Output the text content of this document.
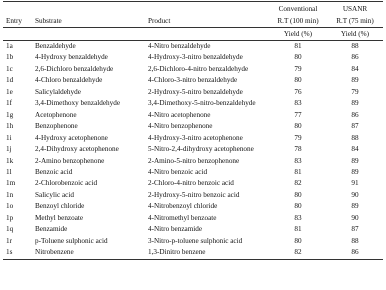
			Conventional	USANR
Entry	Substrate	Product	R.T (100 min)	R.T (75 min)
			Yield (%)	Yield (%)
1a	Benzaldehyde	4-Nitro benzaldehyde	81	88
1b	4-Hydroxy benzaldehyde	4-Hydroxy-3-nitro benzaldehyde	80	86
1c	2,6-Dichloro benzaldehyde	2,6-Dichloro-4-nitro benzaldehyde	79	84
1d	4-Chloro benzaldehyde	4-Chloro-3-nitro benzaldehyde	80	89
1e	Salicylaldehyde	2-Hydroxy-5-nitro benzaldehyde	76	79
1f	3,4-Dimethoxy benzaldehyde	3,4-Dimethoxy-5-nitro-benzaldehyde	83	89
1g	Acetophenone	4-Nitro acetophenone	77	86
1h	Benzophenone	4-Nitro benzophenone	80	87
1i	4-Hydroxy acetophenone	4-Hydroxy-3-nitro acetophenone	79	88
1j	2,4-Dihydroxy acetophenone	5-Nitro-2,4-dihydroxy acetophenone	78	84
1k	2-Amino benzophenone	2-Amino-5-nitro benzophenone	83	89
1l	Benzoic acid	4-Nitro benzoic acid	81	89
1m	2-Chlorobenzoic acid	2-Chloro-4-nitro benzoic acid	82	91
1n	Salicylic acid	2-Hydroxy-5-nitro benzoic acid	80	90
1o	Benzoyl chloride	4-Nitrobenzoyl chloride	80	89
1p	Methyl benzoate	4-Nitromethyl benzoate	83	90
1q	Benzamide	4-Nitro benzamide	81	87
1r	p-Toluene sulphonic acid	3-Nitro-p-toluene sulphonic acid	80	88
1s	Nitrobenzene	1,3-Dinitro benzene	82	86
